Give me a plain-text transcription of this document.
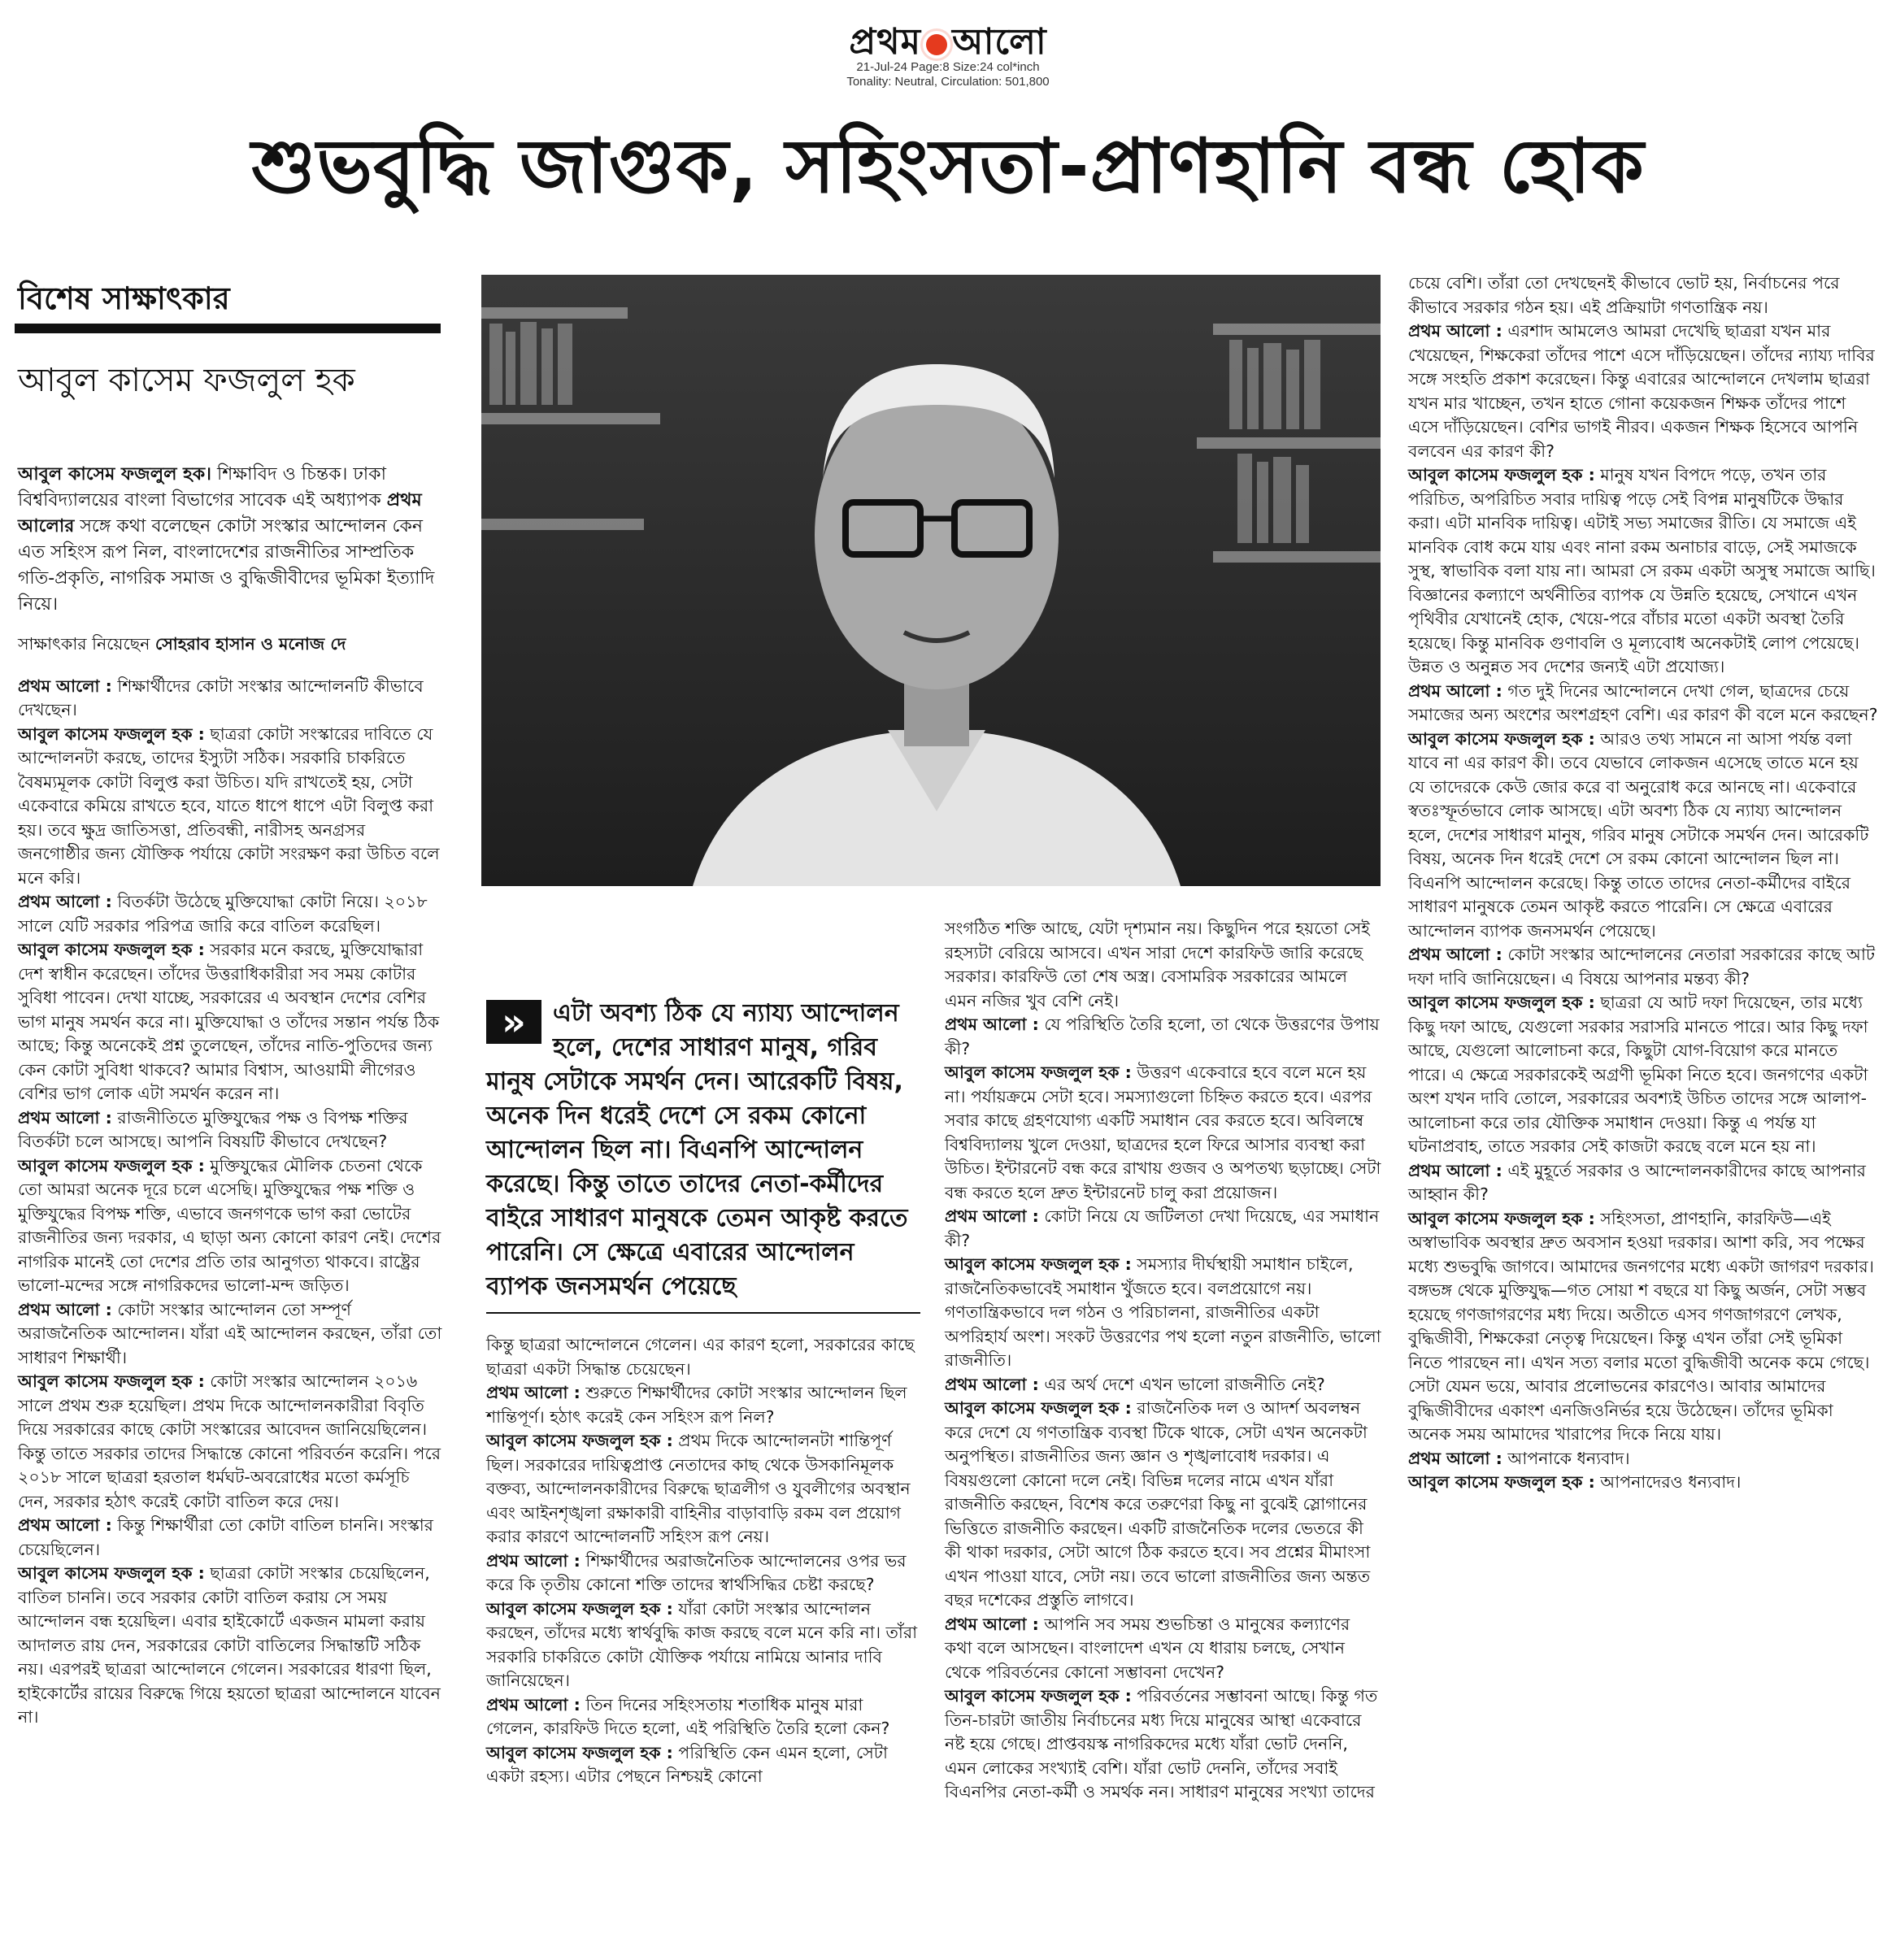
প্রথম আলো
21-Jul-24 Page:8 Size:24 col*inch
Tonality: Neutral, Circulation: 501,800
শুভবুদ্ধি জাগুক, সহিংসতা-প্রাণহানি বন্ধ হোক
বিশেষ সাক্ষাৎকার
আবুল কাসেম ফজলুল হক

আবুল কাসেম ফজলুল হক। শিক্ষাবিদ ও চিন্তক। ঢাকা বিশ্ববিদ্যালয়ের বাংলা বিভাগের সাবেক এই অধ্যাপক প্রথম আলোর সঙ্গে কথা বলেছেন কোটা সংস্কার আন্দোলন কেন এত সহিংস রূপ নিল, বাংলাদেশের রাজনীতির সাম্প্রতিক গতি-প্রকৃতি, নাগরিক সমাজ ও বুদ্ধিজীবীদের ভূমিকা ইত্যাদি নিয়ে।

সাক্ষাৎকার নিয়েছেন সোহরাব হাসান ও মনোজ দে

প্রথম আলো : শিক্ষার্থীদের কোটা সংস্কার আন্দোলনটি কীভাবে দেখছেন।

আবুল কাসেম ফজলুল হক : ছাত্ররা কোটা সংস্কারের দাবিতে যে আন্দোলনটা করছে, তাদের ইস্যুটা সঠিক। সরকারি চাকরিতে বৈষম্যমূলক কোটা বিলুপ্ত করা উচিত। যদি রাখতেই হয়, সেটা একেবারে কমিয়ে রাখতে হবে, যাতে ধাপে ধাপে এটা বিলুপ্ত করা হয়। তবে ক্ষুদ্র জাতিসত্তা, প্রতিবন্ধী, নারীসহ অনগ্রসর জনগোষ্ঠীর জন্য যৌক্তিক পর্যায়ে কোটা সংরক্ষণ করা উচিত বলে মনে করি।

প্রথম আলো : বিতর্কটা উঠেছে মুক্তিযোদ্ধা কোটা নিয়ে। ২০১৮ সালে যেটি সরকার পরিপত্র জারি করে বাতিল করেছিল।

আবুল কাসেম ফজলুল হক : সরকার মনে করছে, মুক্তিযোদ্ধারা দেশ স্বাধীন করেছেন। তাঁদের উত্তরাধিকারীরা সব সময় কোটার সুবিধা পাবেন। দেখা যাচ্ছে, সরকারের এ অবস্থান দেশের বেশির ভাগ মানুষ সমর্থন করে না। মুক্তিযোদ্ধা ও তাঁদের সন্তান পর্যন্ত ঠিক আছে; কিন্তু অনেকেই প্রশ্ন তুলেছেন, তাঁদের নাতি-পুতিদের জন্য কেন কোটা সুবিধা থাকবে? আমার বিশ্বাস, আওয়ামী লীগেরও বেশির ভাগ লোক এটা সমর্থন করেন না।

প্রথম আলো : রাজনীতিতে মুক্তিযুদ্ধের পক্ষ ও বিপক্ষ শক্তির বিতর্কটা চলে আসছে। আপনি বিষয়টি কীভাবে দেখছেন?

আবুল কাসেম ফজলুল হক : মুক্তিযুদ্ধের মৌলিক চেতনা থেকে তো আমরা অনেক দূরে চলে এসেছি। মুক্তিযুদ্ধের পক্ষ শক্তি ও মুক্তিযুদ্ধের বিপক্ষ শক্তি, এভাবে জনগণকে ভাগ করা ভোটের রাজনীতির জন্য দরকার, এ ছাড়া অন্য কোনো কারণ নেই। দেশের নাগরিক মানেই তো দেশের প্রতি তার আনুগত্য থাকবে। রাষ্ট্রের ভালো-মন্দের সঙ্গে নাগরিকদের ভালো-মন্দ জড়িত।

প্রথম আলো : কোটা সংস্কার আন্দোলন তো সম্পূর্ণ অরাজনৈতিক আন্দোলন। যাঁরা এই আন্দোলন করছেন, তাঁরা তো সাধারণ শিক্ষার্থী।

আবুল কাসেম ফজলুল হক : কোটা সংস্কার আন্দোলন ২০১৬ সালে প্রথম শুরু হয়েছিল। প্রথম দিকে আন্দোলনকারীরা বিবৃতি দিয়ে সরকারের কাছে কোটা সংস্কারের আবেদন জানিয়েছিলেন। কিন্তু তাতে সরকার তাদের সিদ্ধান্তে কোনো পরিবর্তন করেনি। পরে ২০১৮ সালে ছাত্ররা হরতাল ধর্মঘট-অবরোধের মতো কর্মসূচি দেন, সরকার হঠাৎ করেই কোটা বাতিল করে দেয়।

প্রথম আলো : কিন্তু শিক্ষার্থীরা তো কোটা বাতিল চাননি। সংস্কার চেয়েছিলেন।

আবুল কাসেম ফজলুল হক : ছাত্ররা কোটা সংস্কার চেয়েছিলেন, বাতিল চাননি। তবে সরকার কোটা বাতিল করায় সে সময় আন্দোলন বন্ধ হয়েছিল। এবার হাইকোর্টে একজন মামলা করায় আদালত রায় দেন, সরকারের কোটা বাতিলের সিদ্ধান্তটি সঠিক নয়। এরপরই ছাত্ররা আন্দোলনে গেলেন। সরকারের ধারণা ছিল, হাইকোর্টের রায়ের বিরুদ্ধে গিয়ে হয়তো ছাত্ররা আন্দোলনে যাবেন না।

»	এটা অবশ্য ঠিক যে ন্যায্য আন্দোলন হলে, দেশের সাধারণ মানুষ, গরিব মানুষ সেটাকে সমর্থন দেন। আরেকটি বিষয়, অনেক দিন ধরেই দেশে সে রকম কোনো আন্দোলন ছিল না। বিএনপি আন্দোলন করেছে। কিন্তু তাতে তাদের নেতা-কর্মীদের বাইরে সাধারণ মানুষকে তেমন আকৃষ্ট করতে পারেনি। সে ক্ষেত্রে এবারের আন্দোলন ব্যাপক জনসমর্থন পেয়েছে

কিন্তু ছাত্ররা আন্দোলনে গেলেন। এর কারণ হলো, সরকারের কাছে ছাত্ররা একটা সিদ্ধান্ত চেয়েছেন।

প্রথম আলো : শুরুতে শিক্ষার্থীদের কোটা সংস্কার আন্দোলন ছিল শান্তিপূর্ণ। হঠাৎ করেই কেন সহিংস রূপ নিল?

আবুল কাসেম ফজলুল হক : প্রথম দিকে আন্দোলনটা শান্তিপূর্ণ ছিল। সরকারের দায়িত্বপ্রাপ্ত নেতাদের কাছ থেকে উসকানিমূলক বক্তব্য, আন্দোলনকারীদের বিরুদ্ধে ছাত্রলীগ ও যুবলীগের অবস্থান এবং আইনশৃঙ্খলা রক্ষাকারী বাহিনীর বাড়াবাড়ি রকম বল প্রয়োগ করার কারণে আন্দোলনটি সহিংস রূপ নেয়।

প্রথম আলো : শিক্ষার্থীদের অরাজনৈতিক আন্দোলনের ওপর ভর করে কি তৃতীয় কোনো শক্তি তাদের স্বার্থসিদ্ধির চেষ্টা করছে?

আবুল কাসেম ফজলুল হক : যাঁরা কোটা সংস্কার আন্দোলন করছেন, তাঁদের মধ্যে স্বার্থবুদ্ধি কাজ করছে বলে মনে করি না। তাঁরা সরকারি চাকরিতে কোটা যৌক্তিক পর্যায়ে নামিয়ে আনার দাবি জানিয়েছেন।

প্রথম আলো : তিন দিনের সহিংসতায় শতাধিক মানুষ মারা গেলেন, কারফিউ দিতে হলো, এই পরিস্থিতি তৈরি হলো কেন?

আবুল কাসেম ফজলুল হক : পরিস্থিতি কেন এমন হলো, সেটা একটা রহস্য। এটার পেছনে নিশ্চয়ই কোনো

সংগঠিত শক্তি আছে, যেটা দৃশ্যমান নয়। কিছুদিন পরে হয়তো সেই রহস্যটা বেরিয়ে আসবে। এখন সারা দেশে কারফিউ জারি করেছে সরকার। কারফিউ তো শেষ অস্ত্র। বেসামরিক সরকারের আমলে এমন নজির খুব বেশি নেই।

প্রথম আলো : যে পরিস্থিতি তৈরি হলো, তা থেকে উত্তরণের উপায় কী?

আবুল কাসেম ফজলুল হক : উত্তরণ একেবারে হবে বলে মনে হয় না। পর্যায়ক্রমে সেটা হবে। সমস্যাগুলো চিহ্নিত করতে হবে। এরপর সবার কাছে গ্রহণযোগ্য একটি সমাধান বের করতে হবে। অবিলম্বে বিশ্ববিদ্যালয় খুলে দেওয়া, ছাত্রদের হলে ফিরে আসার ব্যবস্থা করা উচিত। ইন্টারনেট বন্ধ করে রাখায় গুজব ও অপতথ্য ছড়াচ্ছে। সেটা বন্ধ করতে হলে দ্রুত ইন্টারনেট চালু করা প্রয়োজন।

প্রথম আলো : কোটা নিয়ে যে জটিলতা দেখা দিয়েছে, এর সমাধান কী?

আবুল কাসেম ফজলুল হক : সমস্যার দীর্ঘস্থায়ী সমাধান চাইলে, রাজনৈতিকভাবেই সমাধান খুঁজতে হবে। বলপ্রয়োগে নয়। গণতান্ত্রিকভাবে দল গঠন ও পরিচালনা, রাজনীতির একটা অপরিহার্য অংশ। সংকট উত্তরণের পথ হলো নতুন রাজনীতি, ভালো রাজনীতি।

প্রথম আলো : এর অর্থ দেশে এখন ভালো রাজনীতি নেই?

আবুল কাসেম ফজলুল হক : রাজনৈতিক দল ও আদর্শ অবলম্বন করে দেশে যে গণতান্ত্রিক ব্যবস্থা টিকে থাকে, সেটা এখন অনেকটা অনুপস্থিত। রাজনীতির জন্য জ্ঞান ও শৃঙ্খলাবোধ দরকার। এ বিষয়গুলো কোনো দলে নেই। বিভিন্ন দলের নামে এখন যাঁরা রাজনীতি করছেন, বিশেষ করে তরুণেরা কিছু না বুঝেই স্লোগানের ভিত্তিতে রাজনীতি করছেন। একটি রাজনৈতিক দলের ভেতরে কী কী থাকা দরকার, সেটা আগে ঠিক করতে হবে। সব প্রশ্নের মীমাংসা এখন পাওয়া যাবে, সেটা নয়। তবে ভালো রাজনীতির জন্য অন্তত বছর দশেকের প্রস্তুতি লাগবে।

প্রথম আলো : আপনি সব সময় শুভচিন্তা ও মানুষের কল্যাণের কথা বলে আসছেন। বাংলাদেশ এখন যে ধারায় চলছে, সেখান থেকে পরিবর্তনের কোনো সম্ভাবনা দেখেন?

আবুল কাসেম ফজলুল হক : পরিবর্তনের সম্ভাবনা আছে। কিন্তু গত তিন-চারটা জাতীয় নির্বাচনের মধ্য দিয়ে মানুষের আস্থা একেবারে নষ্ট হয়ে গেছে। প্রাপ্তবয়স্ক নাগরিকদের মধ্যে যাঁরা ভোট দেননি, এমন লোকের সংখ্যাই বেশি। যাঁরা ভোট দেননি, তাঁদের সবাই বিএনপির নেতা-কর্মী ও সমর্থক নন। সাধারণ মানুষের সংখ্যা তাদের

চেয়ে বেশি। তাঁরা তো দেখছেনই কীভাবে ভোট হয়, নির্বাচনের পরে কীভাবে সরকার গঠন হয়। এই প্রক্রিয়াটা গণতান্ত্রিক নয়।

প্রথম আলো : এরশাদ আমলেও আমরা দেখেছি ছাত্ররা যখন মার খেয়েছেন, শিক্ষকেরা তাঁদের পাশে এসে দাঁড়িয়েছেন। তাঁদের ন্যায্য দাবির সঙ্গে সংহতি প্রকাশ করেছেন। কিন্তু এবারের আন্দোলনে দেখলাম ছাত্ররা যখন মার খাচ্ছেন, তখন হাতে গোনা কয়েকজন শিক্ষক তাঁদের পাশে এসে দাঁড়িয়েছেন। বেশির ভাগই নীরব। একজন শিক্ষক হিসেবে আপনি বলবেন এর কারণ কী?

আবুল কাসেম ফজলুল হক : মানুষ যখন বিপদে পড়ে, তখন তার পরিচিত, অপরিচিত সবার দায়িত্ব পড়ে সেই বিপন্ন মানুষটিকে উদ্ধার করা। এটা মানবিক দায়িত্ব। এটাই সভ্য সমাজের রীতি। যে সমাজে এই মানবিক বোধ কমে যায় এবং নানা রকম অনাচার বাড়ে, সেই সমাজকে সুস্থ, স্বাভাবিক বলা যায় না। আমরা সে রকম একটা অসুস্থ সমাজে আছি। বিজ্ঞানের কল্যাণে অর্থনীতির ব্যাপক যে উন্নতি হয়েছে, সেখানে এখন পৃথিবীর যেখানেই হোক, খেয়ে-পরে বাঁচার মতো একটা অবস্থা তৈরি হয়েছে। কিন্তু মানবিক গুণাবলি ও মূল্যবোধ অনেকটাই লোপ পেয়েছে। উন্নত ও অনুন্নত সব দেশের জন্যই এটা প্রযোজ্য।

প্রথম আলো : গত দুই দিনের আন্দোলনে দেখা গেল, ছাত্রদের চেয়ে সমাজের অন্য অংশের অংশগ্রহণ বেশি। এর কারণ কী বলে মনে করছেন?

আবুল কাসেম ফজলুল হক : আরও তথ্য সামনে না আসা পর্যন্ত বলা যাবে না এর কারণ কী। তবে যেভাবে লোকজন এসেছে তাতে মনে হয় যে তাদেরকে কেউ জোর করে বা অনুরোধ করে আনছে না। একেবারে স্বতঃস্ফূর্তভাবে লোক আসছে। এটা অবশ্য ঠিক যে ন্যায্য আন্দোলন হলে, দেশের সাধারণ মানুষ, গরিব মানুষ সেটাকে সমর্থন দেন। আরেকটি বিষয়, অনেক দিন ধরেই দেশে সে রকম কোনো আন্দোলন ছিল না। বিএনপি আন্দোলন করেছে। কিন্তু তাতে তাদের নেতা-কর্মীদের বাইরে সাধারণ মানুষকে তেমন আকৃষ্ট করতে পারেনি। সে ক্ষেত্রে এবারের আন্দোলন ব্যাপক জনসমর্থন পেয়েছে।

প্রথম আলো : কোটা সংস্কার আন্দোলনের নেতারা সরকারের কাছে আট দফা দাবি জানিয়েছেন। এ বিষয়ে আপনার মন্তব্য কী?

আবুল কাসেম ফজলুল হক : ছাত্ররা যে আট দফা দিয়েছেন, তার মধ্যে কিছু দফা আছে, যেগুলো সরকার সরাসরি মানতে পারে। আর কিছু দফা আছে, যেগুলো আলোচনা করে, কিছুটা যোগ-বিয়োগ করে মানতে পারে। এ ক্ষেত্রে সরকারকেই অগ্রণী ভূমিকা নিতে হবে। জনগণের একটা অংশ যখন দাবি তোলে, সরকারের অবশ্যই উচিত তাদের সঙ্গে আলাপ-আলোচনা করে তার যৌক্তিক সমাধান দেওয়া। কিন্তু এ পর্যন্ত যা ঘটনাপ্রবাহ, তাতে সরকার সেই কাজটা করছে বলে মনে হয় না।

প্রথম আলো : এই মুহূর্তে সরকার ও আন্দোলনকারীদের কাছে আপনার আহ্বান কী?

আবুল কাসেম ফজলুল হক : সহিংসতা, প্রাণহানি, কারফিউ—এই অস্বাভাবিক অবস্থার দ্রুত অবসান হওয়া দরকার। আশা করি, সব পক্ষের মধ্যে শুভবুদ্ধি জাগবে। আমাদের জনগণের মধ্যে একটা জাগরণ দরকার। বঙ্গভঙ্গ থেকে মুক্তিযুদ্ধ—গত সোয়া শ বছরে যা কিছু অর্জন, সেটা সম্ভব হয়েছে গণজাগরণের মধ্য দিয়ে। অতীতে এসব গণজাগরণে লেখক, বুদ্ধিজীবী, শিক্ষকেরা নেতৃত্ব দিয়েছেন। কিন্তু এখন তাঁরা সেই ভূমিকা নিতে পারছেন না। এখন সত্য বলার মতো বুদ্ধিজীবী অনেক কমে গেছে। সেটা যেমন ভয়ে, আবার প্রলোভনের কারণেও। আবার আমাদের বুদ্ধিজীবীদের একাংশ এনজিওনির্ভর হয়ে উঠেছেন। তাঁদের ভূমিকা অনেক সময় আমাদের খারাপের দিকে নিয়ে যায়।

প্রথম আলো : আপনাকে ধন্যবাদ।

আবুল কাসেম ফজলুল হক : আপনাদেরও ধন্যবাদ।
